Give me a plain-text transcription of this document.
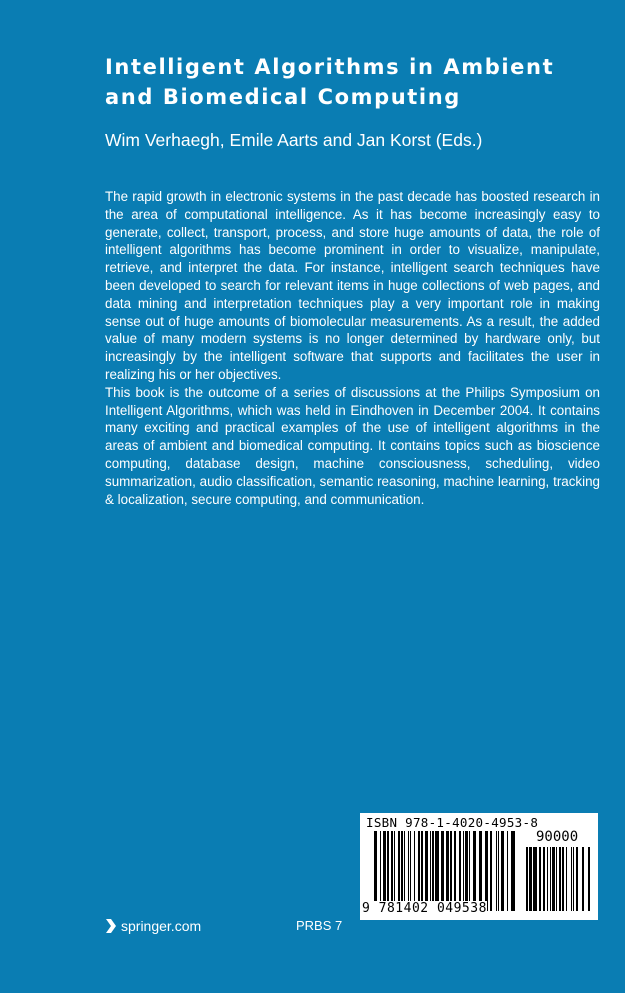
Intelligent Algorithms in Ambient
and Biomedical Computing

Wim Verhaegh, Emile Aarts and Jan Korst (Eds.)

The rapid growth in electronic systems in the past decade has boosted research in the area of computational intelligence. As it has become increasingly easy to generate, collect, transport, process, and store huge amounts of data, the role of intelligent algorithms has become prominent in order to visualize, manipulate, retrieve, and interpret the data. For instance, intelligent search techniques have been developed to search for relevant items in huge collections of web pages, and data mining and interpretation techniques play a very important role in making sense out of huge amounts of biomolecular measurements. As a result, the added value of many modern systems is no longer determined by hardware only, but increasingly by the intelligent software that supports and facilitates the user in realizing his or her objectives.

This book is the outcome of a series of discussions at the Philips Symposium on Intelligent Algorithms, which was held in Eindhoven in December 2004. It contains many exciting and practical examples of the use of intelligent algorithms in the areas of ambient and biomedical computing. It contains topics such as bioscience computing, database design, machine consciousness, scheduling, video summarization, audio classification, semantic reasoning, machine learning, tracking & localization, secure computing, and communication.

springer.com	PRBS 7
ISBN 978-1-4020-4953-8
90000
9 781402 049538
